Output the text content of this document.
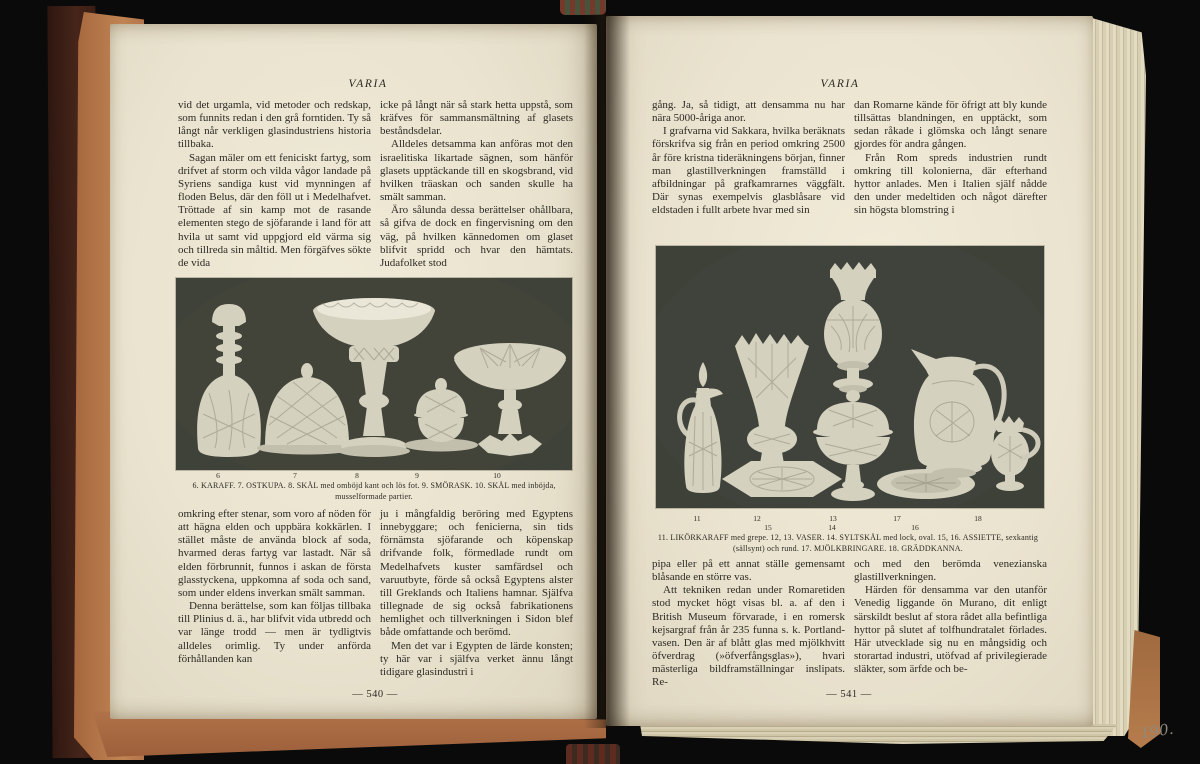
VARIA

vid det urgamla, vid metoder och redskap, som funnits redan i den grå forntiden. Ty så långt når verkligen glasindustriens historia tillbaka.

Sagan mäler om ett feniciskt fartyg, som drifvet af storm och vilda vågor landade på Syriens sandiga kust vid mynningen af floden Belus, där den föll ut i Medelhafvet. Tröttade af sin kamp mot de rasande elementen stego de sjöfarande i land för att hvila ut samt vid uppgjord eld värma sig och tillreda sin måltid. Men förgäfves sökte de vida

icke på långt när så stark hetta uppstå, som kräfves för sammansmältning af glasets beståndsdelar.

Alldeles detsamma kan anföras mot den israelitiska likartade sägnen, som hänför glasets upptäckande till en skogsbrand, vid hvilken träaskan och sanden skulle ha smält samman.

Äro sålunda dessa berättelser ohållbara, så gifva de dock en fingervisning om den väg, på hvilken kännedomen om glaset blifvit spridd och hvar den hämtats. Judafolket stod

6	7	8	9	10
6. KARAFF. 7. OSTKUPA. 8. SKÅL med omböjd kant och lös fot. 9. SMÖRASK. 10. SKÅL med inböjda, musselformade partier.

omkring efter stenar, som voro af nöden för att hägna elden och uppbära kokkärlen. I stället måste de använda block af soda, hvarmed deras fartyg var lastadt. När så elden förbrunnit, funnos i askan de första glasstyckena, uppkomna af soda och sand, som under eldens inverkan smält samman.

Denna berättelse, som kan följas tillbaka till Plinius d. ä., har blifvit vida utbredd och var länge trodd — men är tydligtvis alldeles orimlig. Ty under anförda förhållanden kan

ju i mångfaldig beröring med Egyptens innebyggare; och fenicierna, sin tids förnämsta sjöfarande och köpenskap drifvande folk, förmedlade rundt om Medelhafvets kuster samfärdsel och varuutbyte, förde så också Egyptens alster till Greklands och Italiens hamnar. Själfva tillegnade de sig också fabrikationens hemlighet och tillverkningen i Sidon blef både omfattande och berömd.

Men det var i Egypten de lärde konsten; ty här var i själfva verket ännu långt tidigare glasindustri i

— 540 —
VARIA

gång. Ja, så tidigt, att densamma nu har nära 5000-åriga anor.

I grafvarna vid Sakkara, hvilka beräknats förskrifva sig från en period omkring 2500 år före kristna tideräkningens början, finner man glastillverkningen framställd i afbildningar på grafkamrarnes väggfält. Där synas exempelvis glasblåsare vid eldstaden i fullt arbete hvar med sin

dan Romarne kände för öfrigt att bly kunde tillsättas blandningen, en upptäckt, som sedan råkade i glömska och långt senare gjordes för andra gången.

Från Rom spreds industrien rundt omkring till kolonierna, där efterhand hyttor anlades. Men i Italien själf nådde den under medeltiden och något därefter sin högsta blomstring i

11	12	13	17	18
15	14	16
11. LIKÖRKARAFF med grepe. 12, 13. VASER. 14. SYLTSKÅL med lock, oval. 15, 16. ASSIETTE, sexkantig (sällsynt) och rund. 17. MJÖLKBRINGARE. 18. GRÄDDKANNA.

pipa eller på ett annat ställe gemensamt blåsande en större vas.

Att tekniken redan under Romaretiden stod mycket högt visas bl. a. af den i British Museum förvarade, i en romersk kejsargraf från år 235 funna s. k. Portland-vasen. Den är af blått glas med mjölkhvitt öfverdrag (»öfverfångsglas»), hvari mästerliga bildframställningar inslipats. Re-

och med den berömda venezianska glastillverkningen.

Härden för densamma var den utanför Venedig liggande ön Murano, dit enligt särskildt beslut af stora rådet alla befintliga hyttor på slutet af tolfhundratalet förlades. Här utvecklade sig nu en mångsidig och storartad industri, utöfvad af privilegierade släkter, som ärfde och be-

— 541 —
190.
